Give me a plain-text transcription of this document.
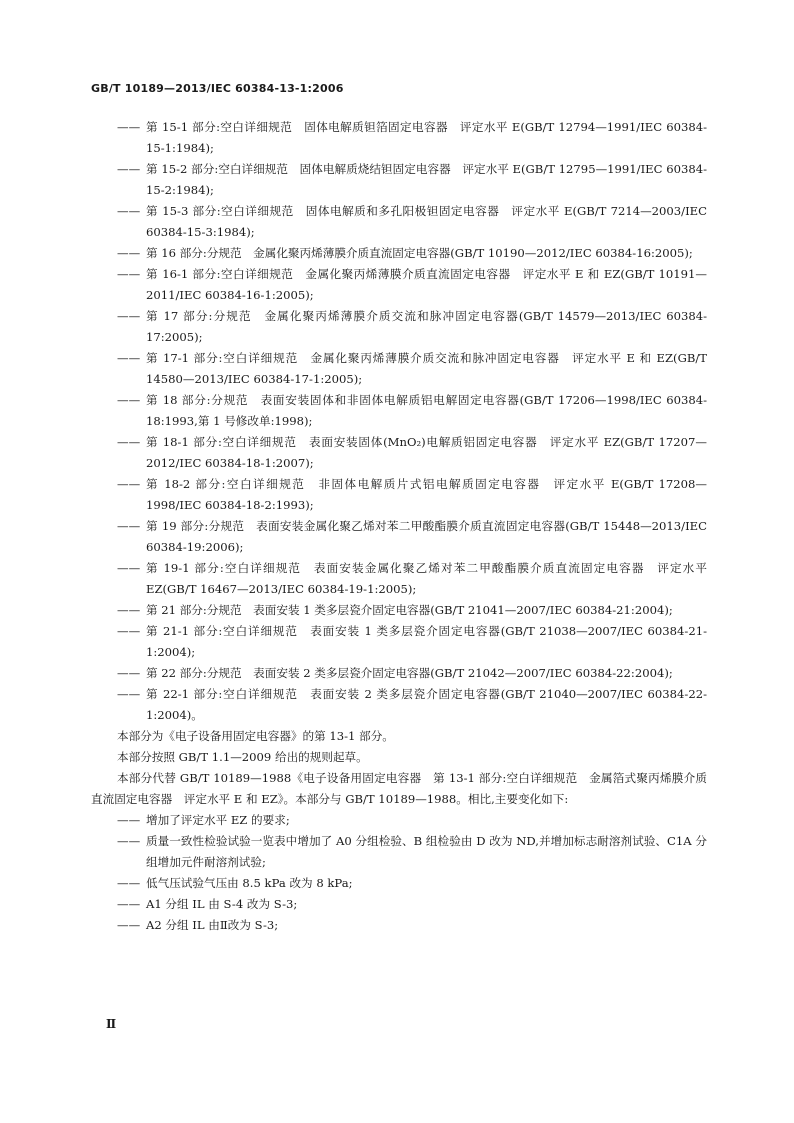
GB/T 10189—2013/IEC 60384-13-1:2006
—— 第 15-1 部分:空白详细规范　固体电解质钽箔固定电容器　评定水平 E(GB/T 12794—1991/IEC 60384-15-1:1984);
—— 第 15-2 部分:空白详细规范　固体电解质烧结钽固定电容器　评定水平 E(GB/T 12795—1991/IEC 60384-15-2:1984);
—— 第 15-3 部分:空白详细规范　固体电解质和多孔阳极钽固定电容器　评定水平 E(GB/T 7214—2003/IEC 60384-15-3:1984);
—— 第 16 部分:分规范　金属化聚丙烯薄膜介质直流固定电容器(GB/T 10190—2012/IEC 60384-16:2005);
—— 第 16-1 部分:空白详细规范　金属化聚丙烯薄膜介质直流固定电容器　评定水平 E 和 EZ(GB/T 10191—2011/IEC 60384-16-1:2005);
—— 第 17 部分:分规范　金属化聚丙烯薄膜介质交流和脉冲固定电容器(GB/T 14579—2013/IEC 60384-17:2005);
—— 第 17-1 部分:空白详细规范　金属化聚丙烯薄膜介质交流和脉冲固定电容器　评定水平 E 和 EZ(GB/T 14580—2013/IEC 60384-17-1:2005);
—— 第 18 部分:分规范　表面安装固体和非固体电解质铝电解固定电容器(GB/T 17206—1998/IEC 60384-18:1993,第 1 号修改单:1998);
—— 第 18-1 部分:空白详细规范　表面安装固体(MnO₂)电解质铝固定电容器　评定水平 EZ(GB/T 17207—2012/IEC 60384-18-1:2007);
—— 第 18-2 部分:空白详细规范　非固体电解质片式铝电解质固定电容器　评定水平 E(GB/T 17208—1998/IEC 60384-18-2:1993);
—— 第 19 部分:分规范　表面安装金属化聚乙烯对苯二甲酸酯膜介质直流固定电容器(GB/T 15448—2013/IEC 60384-19:2006);
—— 第 19-1 部分:空白详细规范　表面安装金属化聚乙烯对苯二甲酸酯膜介质直流固定电容器　评定水平 EZ(GB/T 16467—2013/IEC 60384-19-1:2005);
—— 第 21 部分:分规范　表面安装 1 类多层瓷介固定电容器(GB/T 21041—2007/IEC 60384-21:2004);
—— 第 21-1 部分:空白详细规范　表面安装 1 类多层瓷介固定电容器(GB/T 21038—2007/IEC 60384-21-1:2004);
—— 第 22 部分:分规范　表面安装 2 类多层瓷介固定电容器(GB/T 21042—2007/IEC 60384-22:2004);
—— 第 22-1 部分:空白详细规范　表面安装 2 类多层瓷介固定电容器(GB/T 21040—2007/IEC 60384-22-1:2004)。
本部分为《电子设备用固定电容器》的第 13-1 部分。
本部分按照 GB/T 1.1—2009 给出的规则起草。
本部分代替 GB/T 10189—1988《电子设备用固定电容器　第 13-1 部分:空白详细规范　金属箔式聚丙烯膜介质直流固定电容器　评定水平 E 和 EZ》。本部分与 GB/T 10189—1988。相比,主要变化如下:
—— 增加了评定水平 EZ 的要求;
—— 质量一致性检验试验一览表中增加了 A0 分组检验、B 组检验由 D 改为 ND,并增加标志耐溶剂试验、C1A 分组增加元件耐溶剂试验;
—— 低气压试验气压由 8.5 kPa 改为 8 kPa;
—— A1 分组 IL 由 S-4 改为 S-3;
—— A2 分组 IL 由Ⅱ改为 S-3;
Ⅱ
